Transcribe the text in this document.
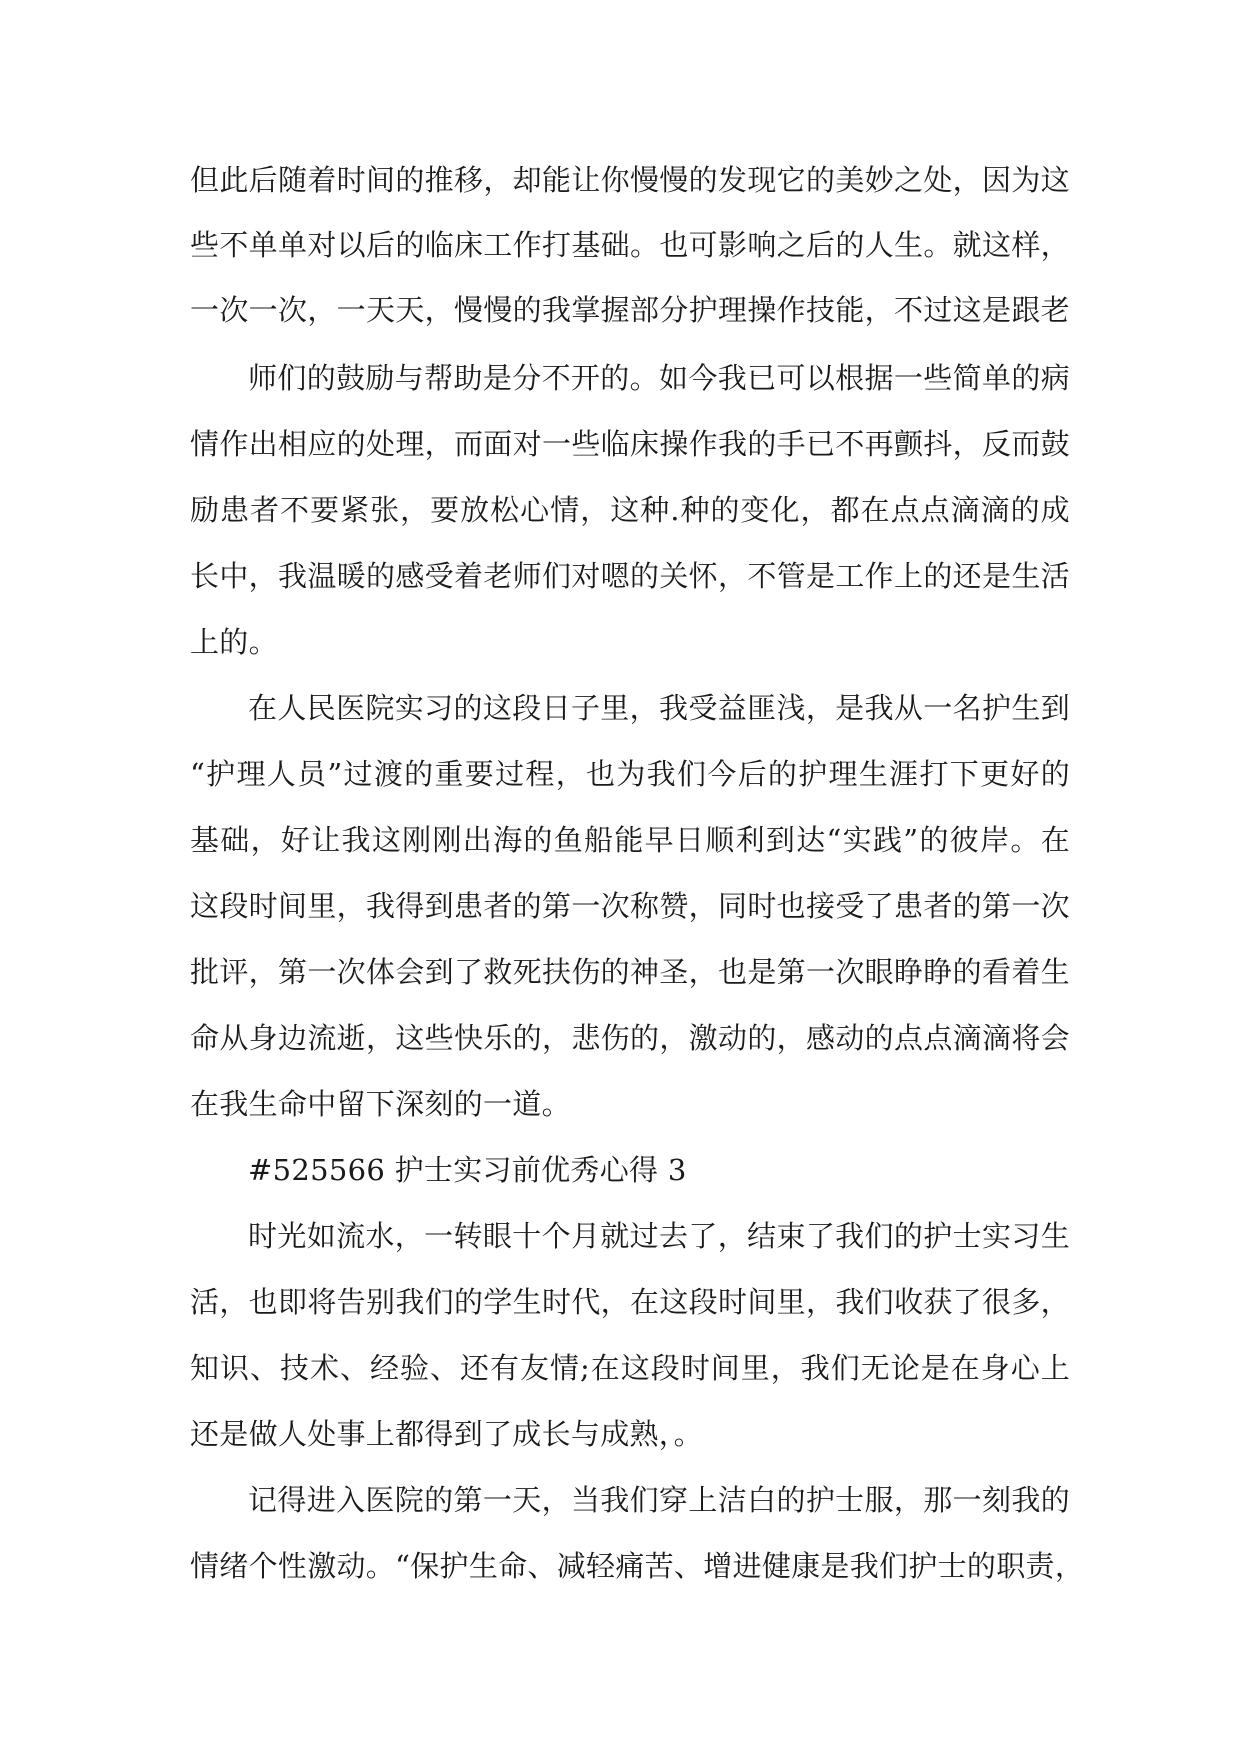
但此后随着时间的推移，却能让你慢慢的发现它的美妙之处，因为这
些不单单对以后的临床工作打基础。也可影响之后的人生。就这样，
一次一次，一天天，慢慢的我掌握部分护理操作技能，不过这是跟老
师们的鼓励与帮助是分不开的。如今我已可以根据一些简单的病
情作出相应的处理，而面对一些临床操作我的手已不再颤抖，反而鼓
励患者不要紧张，要放松心情，这种.种的变化，都在点点滴滴的成
长中，我温暖的感受着老师们对嗯的关怀，不管是工作上的还是生活
上的。
在人民医院实习的这段日子里，我受益匪浅，是我从一名护生到
“护理人员”过渡的重要过程，也为我们今后的护理生涯打下更好的
基础，好让我这刚刚出海的鱼船能早日顺利到达“实践”的彼岸。在
这段时间里，我得到患者的第一次称赞，同时也接受了患者的第一次
批评，第一次体会到了救死扶伤的神圣，也是第一次眼睁睁的看着生
命从身边流逝，这些快乐的，悲伤的，激动的，感动的点点滴滴将会
在我生命中留下深刻的一道。
#525566 护士实习前优秀心得 3
时光如流水，一转眼十个月就过去了，结束了我们的护士实习生
活，也即将告别我们的学生时代，在这段时间里，我们收获了很多，
知识、技术、经验、还有友情;在这段时间里，我们无论是在身心上
还是做人处事上都得到了成长与成熟，。
记得进入医院的第一天，当我们穿上洁白的护士服，那一刻我的
情绪个性激动。“保护生命、减轻痛苦、增进健康是我们护士的职责，
